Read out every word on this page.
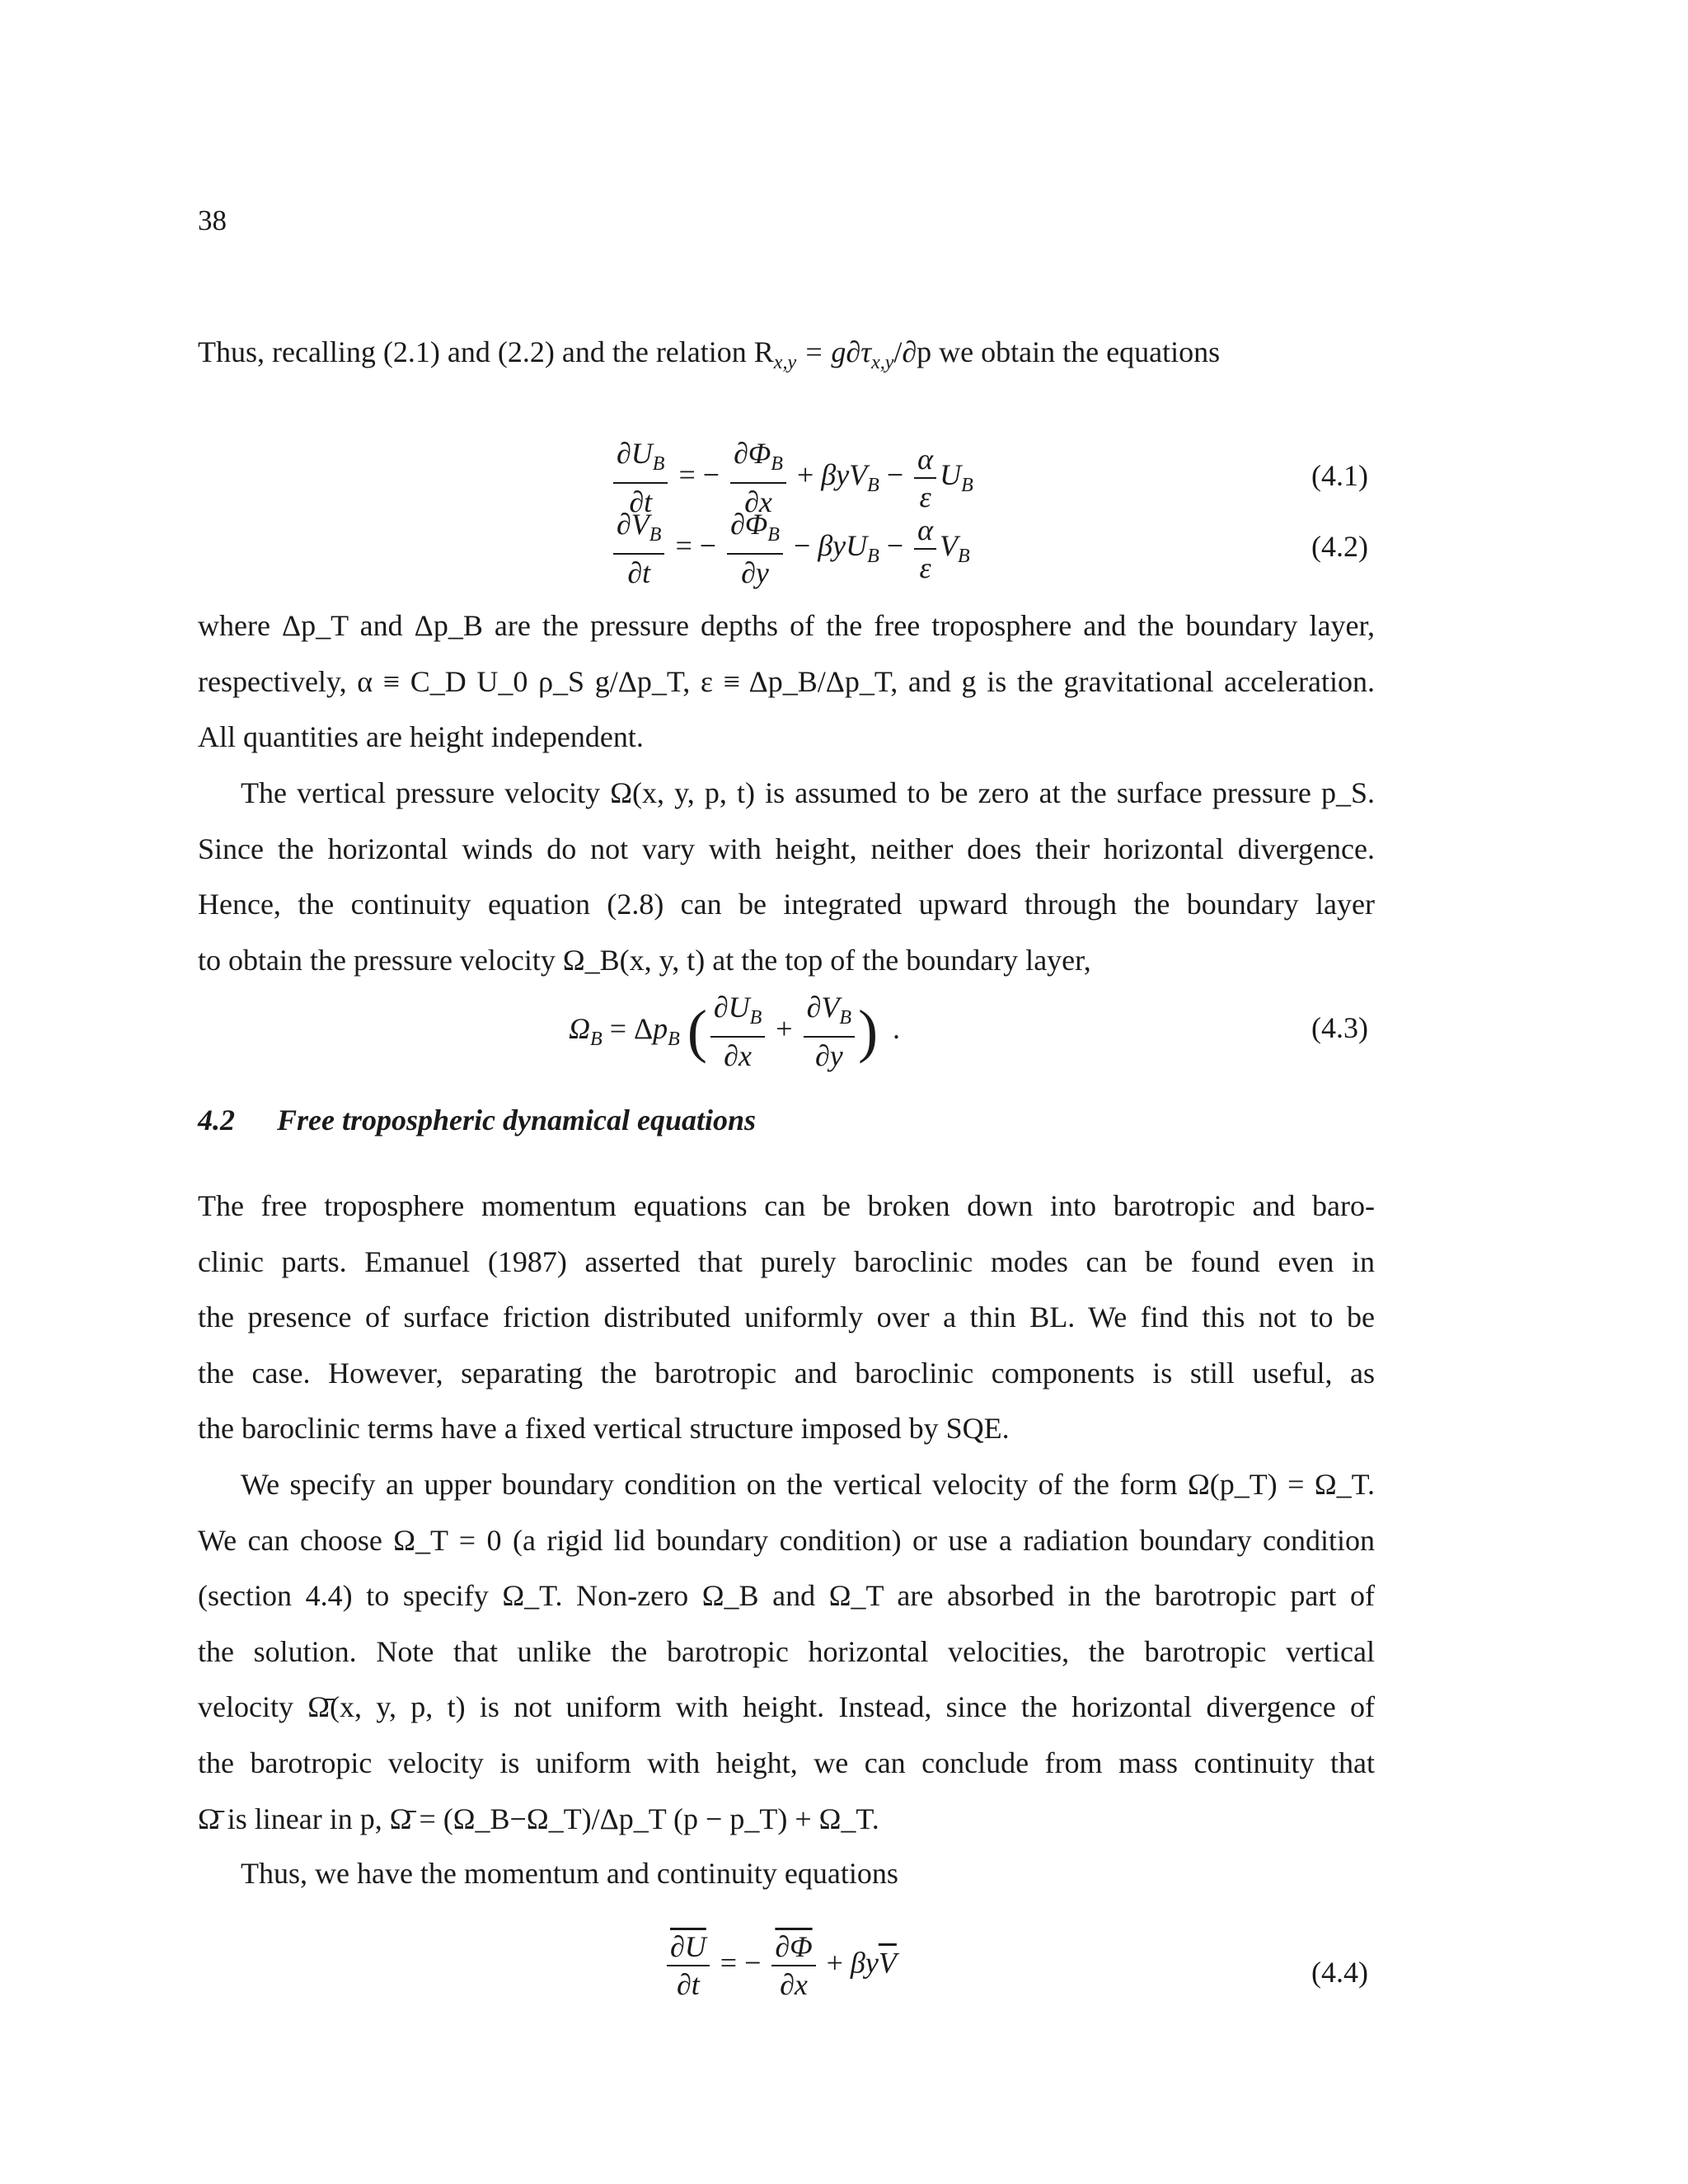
38
Thus, recalling (2.1) and (2.2) and the relation $R_{x,y} = g\partial\tau_{x,y}/\partial p$ we obtain the equations
$\frac{\partial U_B}{\partial t}$ = − $\frac{\partial\Phi_B}{\partial x} + \beta yV_B - \frac{\alpha}{\varepsilon} U_B$	(4.1)
$\frac{\partial V_B}{\partial t}$ = − $\frac{\partial\Phi_B}{\partial y} - \beta yU_B - \frac{\alpha}{\varepsilon} V_B$	(4.2)
where Δp_T and Δp_B are the pressure depths of the free troposphere and the boundary layer,
respectively, α ≡ C_D U_0 ρ_S g/Δp_T, ε ≡ Δp_B/Δp_T, and g is the gravitational acceleration.
All quantities are height independent.
The vertical pressure velocity Ω(x, y, p, t) is assumed to be zero at the surface pressure p_S.
Since the horizontal winds do not vary with height, neither does their horizontal divergence.
Hence, the continuity equation (2.8) can be integrated upward through the boundary layer
to obtain the pressure velocity Ω_B(x, y, t) at the top of the boundary layer,
$\Omega_B = \Delta p_B$ ( $\frac{\partial U_B}{\partial x} + \frac{\partial V_B}{\partial y}$ )  .	(4.3)
4.2 Free tropospheric dynamical equations
The free troposphere momentum equations can be broken down into barotropic and baro-
clinic parts. Emanuel (1987) asserted that purely baroclinic modes can be found even in
the presence of surface friction distributed uniformly over a thin BL. We find this not to be
the case. However, separating the barotropic and baroclinic components is still useful, as
the baroclinic terms have a fixed vertical structure imposed by SQE.
We specify an upper boundary condition on the vertical velocity of the form Ω(p_T) = Ω_T.
We can choose Ω_T = 0 (a rigid lid boundary condition) or use a radiation boundary condition
(section 4.4) to specify Ω_T. Non-zero Ω_B and Ω_T are absorbed in the barotropic part of
the solution. Note that unlike the barotropic horizontal velocities, the barotropic vertical
velocity Ω̄(x, y, p, t) is not uniform with height. Instead, since the horizontal divergence of
the barotropic velocity is uniform with height, we can conclude from mass continuity that
Ω̄ is linear in p, Ω̄ = (Ω_B−Ω_T)/Δp_T (p − p_T) + Ω_T.
Thus, we have the momentum and continuity equations
$\frac{\partial U}{\partial t}$ = − $\frac{\partial\Phi}{\partial x} + \beta y\overline{V}$	(4.4)
